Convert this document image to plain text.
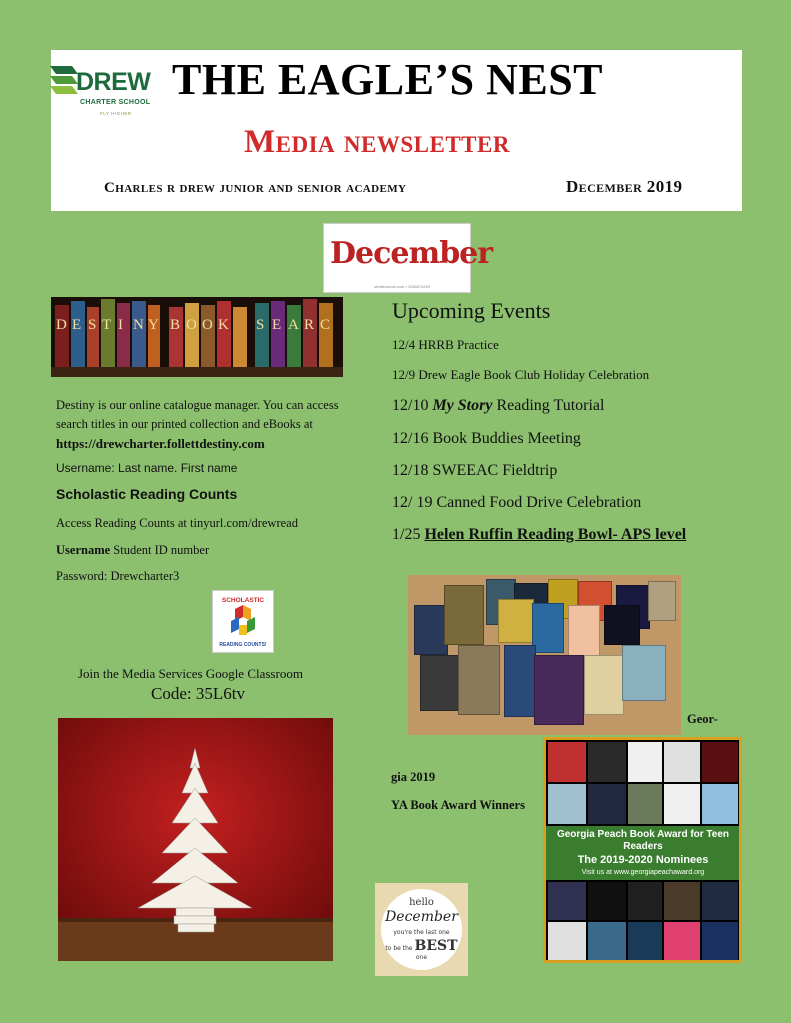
DREW
CHARTER SCHOOL
FLY HIGHER
THE EAGLE’S NEST
Media newsletter
Charles r drew junior and senior academy	December 2019
December
shutterstock.com • 1158874249
D E S T I N Y B O O K S E A R C
Destiny is our online catalogue manager. You can access search titles in our printed collection and eBooks at https://drewcharter.follettdestiny.com
Username: Last name. First name
Scholastic Reading Counts
Access Reading Counts at tinyurl.com/drewread
Username Student ID number
Password: Drewcharter3
SCHOLASTIC
READING COUNTS!
Join the Media Services Google Classroom
Code: 35L6tv
Upcoming Events
12/4 HRRB Practice
12/9 Drew Eagle Book Club Holiday Celebration
12/10 My Story Reading Tutorial
12/16 Book Buddies Meeting
12/18 SWEEAC Fieldtrip
12/ 19 Canned Food Drive Celebration
1/25 Helen Ruffin Reading Bowl- APS level
Geor-
gia 2019
YA Book Award Winners
Georgia Peach Book Award for Teen Readers
The 2019-2020 Nominees
Visit us at www.georgiapeachaward.org
hello
December
you're the last one
to be the BEST one
